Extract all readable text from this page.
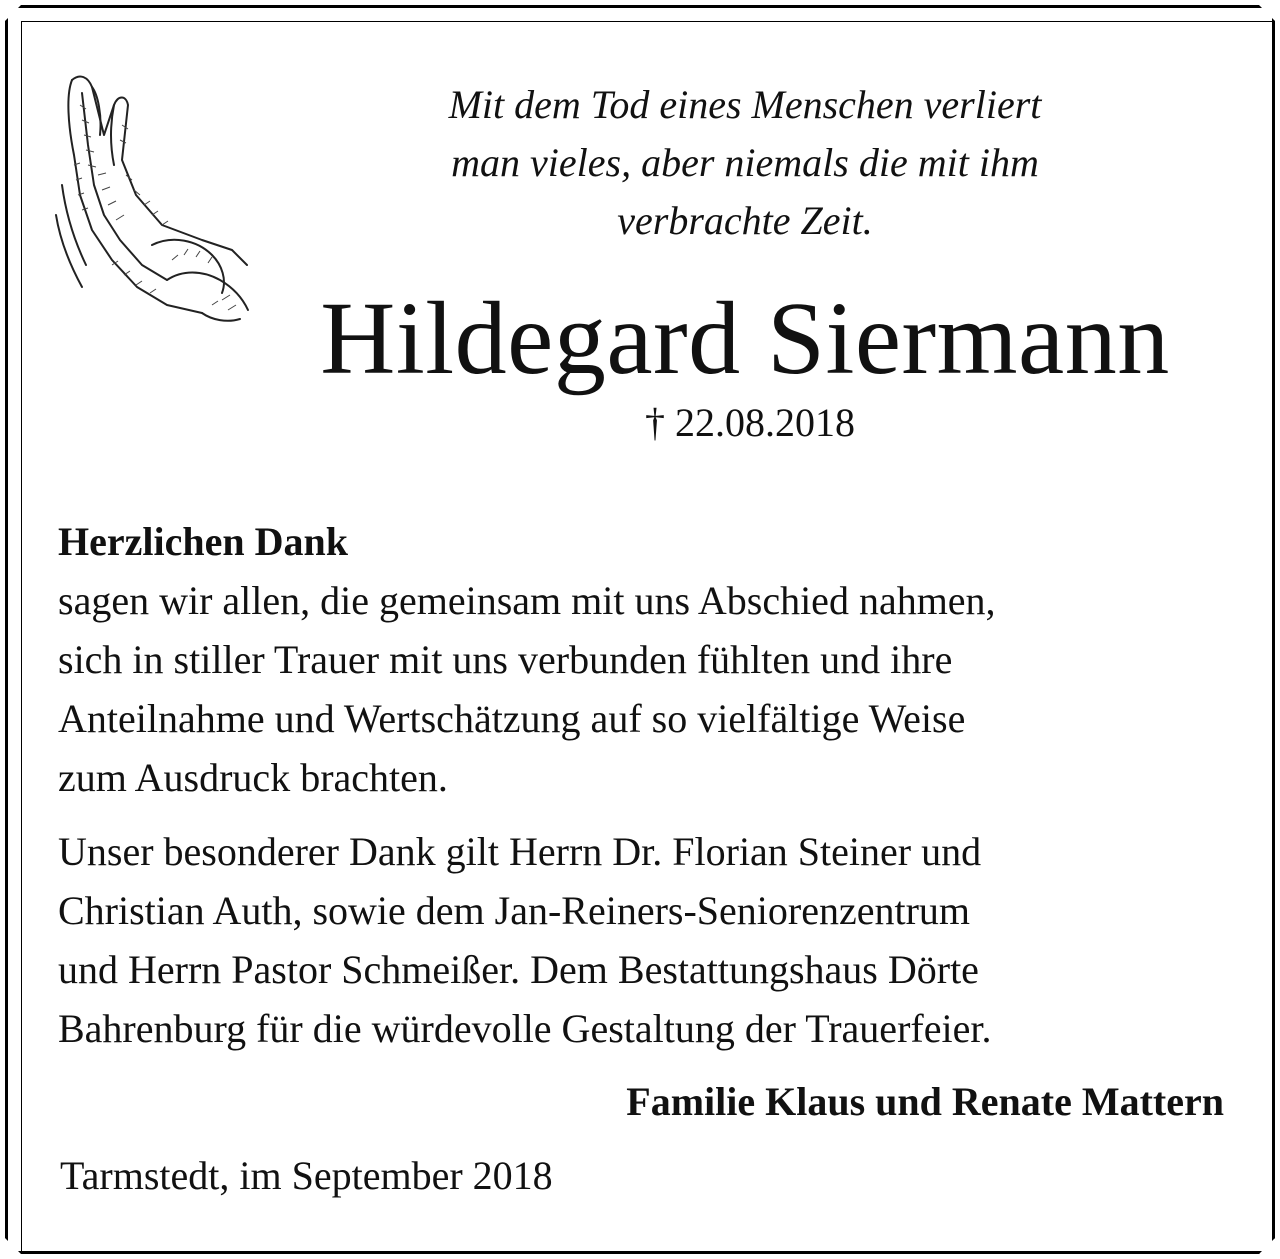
Mit dem Tod eines Menschen verliert
man vieles, aber niemals die mit ihm
verbrachte Zeit.
Hildegard Siermann
† 22.08.2018
Herzlichen Dank
sagen wir allen, die gemeinsam mit uns Abschied nahmen,
sich in stiller Trauer mit uns verbunden fühlten und ihre
Anteilnahme und Wertschätzung auf so vielfältige Weise
zum Ausdruck brachten.
Unser besonderer Dank gilt Herrn Dr. Florian Steiner und
Christian Auth, sowie dem Jan-Reiners-Seniorenzentrum
und Herrn Pastor Schmeißer. Dem Bestattungshaus Dörte
Bahrenburg für die würdevolle Gestaltung der Trauerfeier.
Familie Klaus und Renate Mattern
Tarmstedt, im September 2018
